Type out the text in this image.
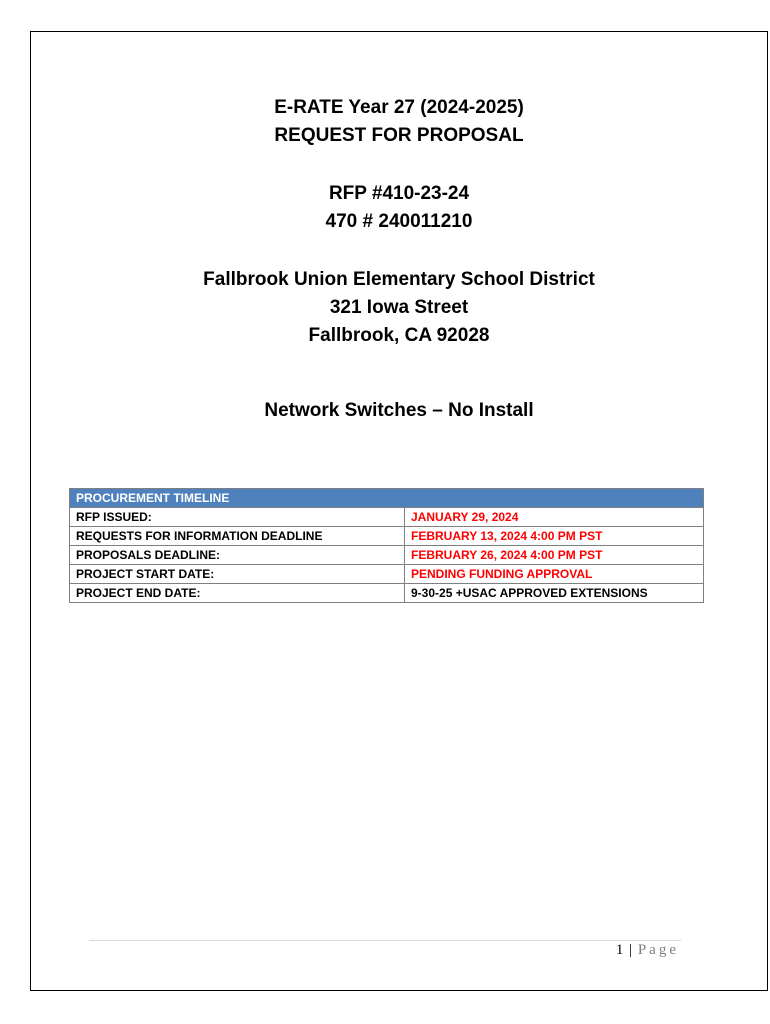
E-RATE Year 27 (2024-2025)
REQUEST FOR PROPOSAL
RFP #410-23-24
470 # 240011210
Fallbrook Union Elementary School District
321 Iowa Street
Fallbrook, CA 92028
Network Switches – No Install
PROCUREMENT TIMELINE	
RFP ISSUED:	JANUARY 29, 2024
REQUESTS FOR INFORMATION DEADLINE	FEBRUARY 13, 2024 4:00 PM PST
PROPOSALS DEADLINE:	FEBRUARY 26, 2024 4:00 PM PST
PROJECT START DATE:	PENDING FUNDING APPROVAL
PROJECT END DATE:	9-30-25 +USAC APPROVED EXTENSIONS
1 | Page
